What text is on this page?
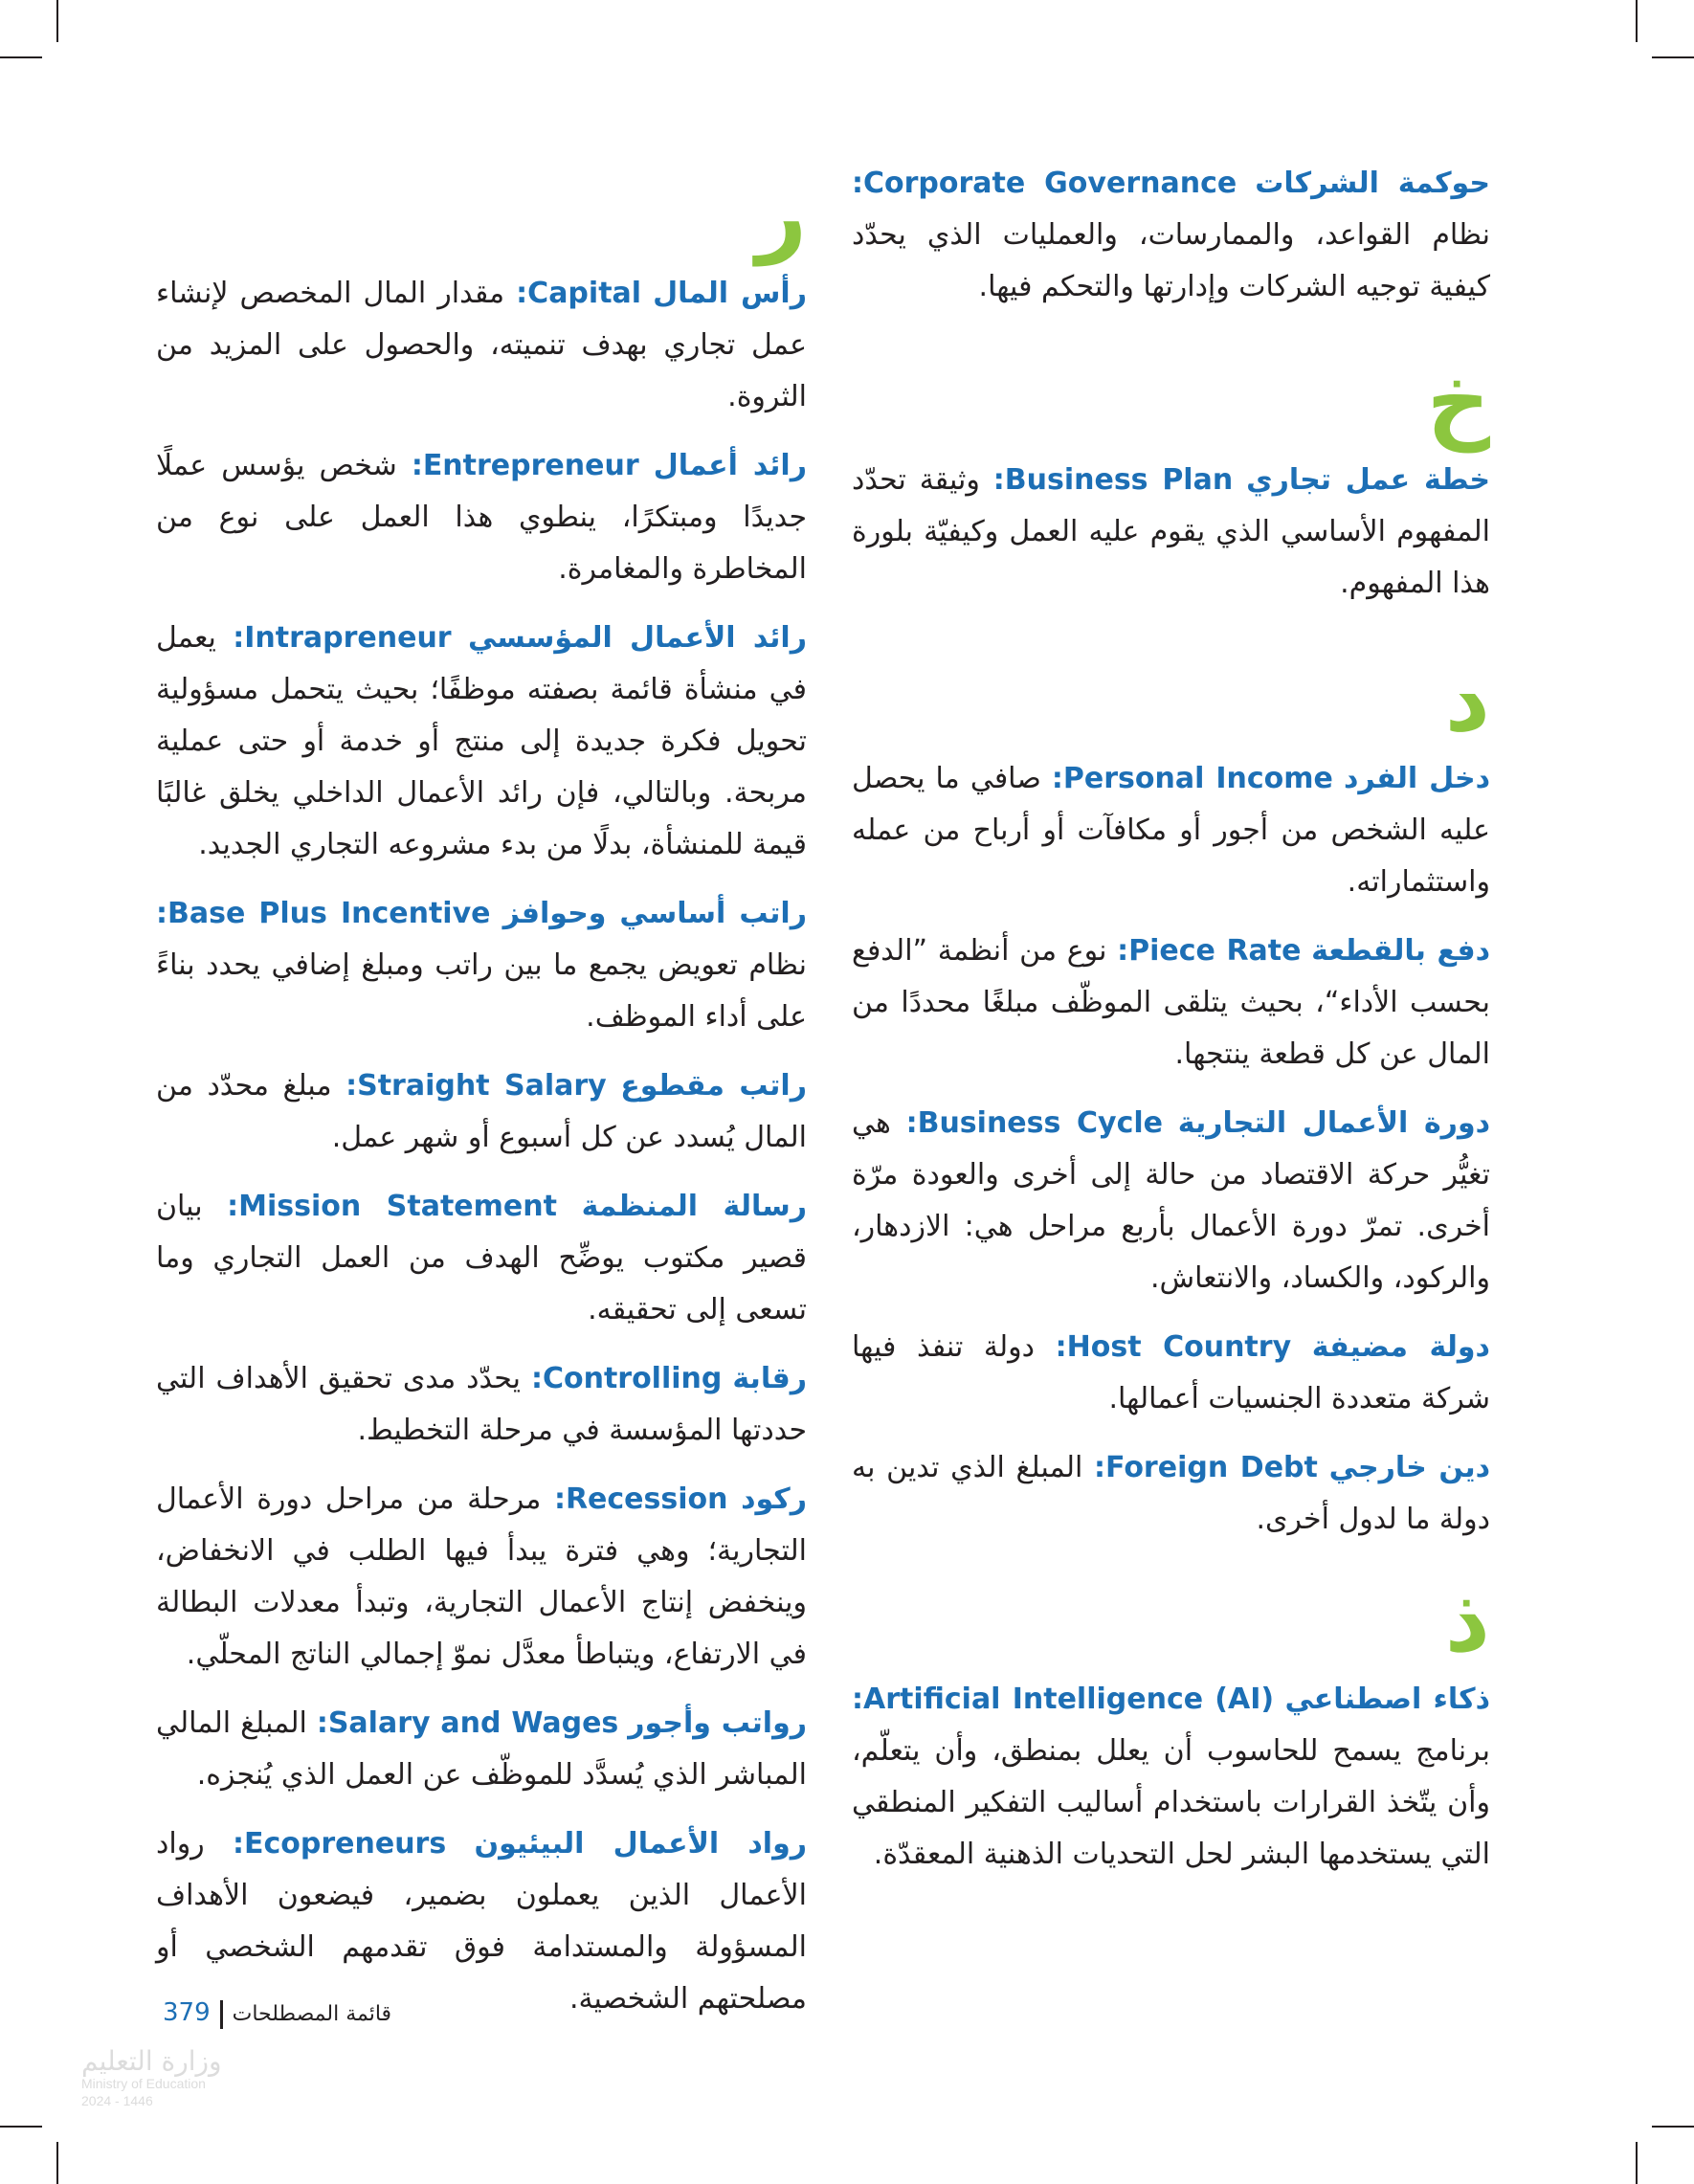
حوكمة الشركات Corporate Governance: نظام القواعد، والممارسات، والعمليات الذي يحدّد كيفية توجيه الشركات وإدارتها والتحكم فيها.

خ

خطة عمل تجاري Business Plan: وثيقة تحدّد المفهوم الأساسي الذي يقوم عليه العمل وكيفيّة بلورة هذا المفهوم.

د

دخل الفرد Personal Income: صافي ما يحصل عليه الشخص من أجور أو مكافآت أو أرباح من عمله واستثماراته.

دفع بالقطعة Piece Rate: نوع من أنظمة ”الدفع بحسب الأداء“، بحيث يتلقى الموظّف مبلغًا محددًا من المال عن كل قطعة ينتجها.

دورة الأعمال التجارية Business Cycle: هي تغيُّر حركة الاقتصاد من حالة إلى أخرى والعودة مرّة أخرى. تمرّ دورة الأعمال بأربع مراحل هي: الازدهار، والركود، والكساد، والانتعاش.

دولة مضيفة Host Country: دولة تنفذ فيها شركة متعددة الجنسيات أعمالها.

دين خارجي Foreign Debt: المبلغ الذي تدين به دولة ما لدول أخرى.

ذ

ذكاء اصطناعي Artificial Intelligence (AI): برنامج يسمح للحاسوب أن يعلل بمنطق، وأن يتعلّم، وأن يتّخذ القرارات باستخدام أساليب التفكير المنطقي التي يستخدمها البشر لحل التحديات الذهنية المعقدّة.

ر

رأس المال Capital: مقدار المال المخصص لإنشاء عمل تجاري بهدف تنميته، والحصول على المزيد من الثروة.

رائد أعمال Entrepreneur: شخص يؤسس عملًا جديدًا ومبتكرًا، ينطوي هذا العمل على نوع من المخاطرة والمغامرة.

رائد الأعمال المؤسسي Intrapreneur: يعمل في منشأة قائمة بصفته موظفًا؛ بحيث يتحمل مسؤولية تحويل فكرة جديدة إلى منتج أو خدمة أو حتى عملية مربحة. وبالتالي، فإن رائد الأعمال الداخلي يخلق غالبًا قيمة للمنشأة، بدلًا من بدء مشروعه التجاري الجديد.

راتب أساسي وحوافز Base Plus Incentive: نظام تعويض يجمع ما بين راتب ومبلغ إضافي يحدد بناءً على أداء الموظف.

راتب مقطوع Straight Salary: مبلغ محدّد من المال يُسدد عن كل أسبوع أو شهر عمل.

رسالة المنظمة Mission Statement: بيان قصير مكتوب يوضِّح الهدف من العمل التجاري وما تسعى إلى تحقيقه.

رقابة Controlling: يحدّد مدى تحقيق الأهداف التي حددتها المؤسسة في مرحلة التخطيط.

ركود Recession: مرحلة من مراحل دورة الأعمال التجارية؛ وهي فترة يبدأ فيها الطلب في الانخفاض، وينخفض إنتاج الأعمال التجارية، وتبدأ معدلات البطالة في الارتفاع، ويتباطأ معدَّل نموّ إجمالي الناتج المحلّي.

رواتب وأجور Salary and Wages: المبلغ المالي المباشر الذي يُسدَّد للموظّف عن العمل الذي يُنجزه.

رواد الأعمال البيئيون Ecopreneurs: رواد الأعمال الذين يعملون بضمير، فيضعون الأهداف المسؤولة والمستدامة فوق تقدمهم الشخصي أو مصلحتهم الشخصية.

379 قائمة المصطلحات
وزارة التعليم
Ministry of Education
2024 - 1446
